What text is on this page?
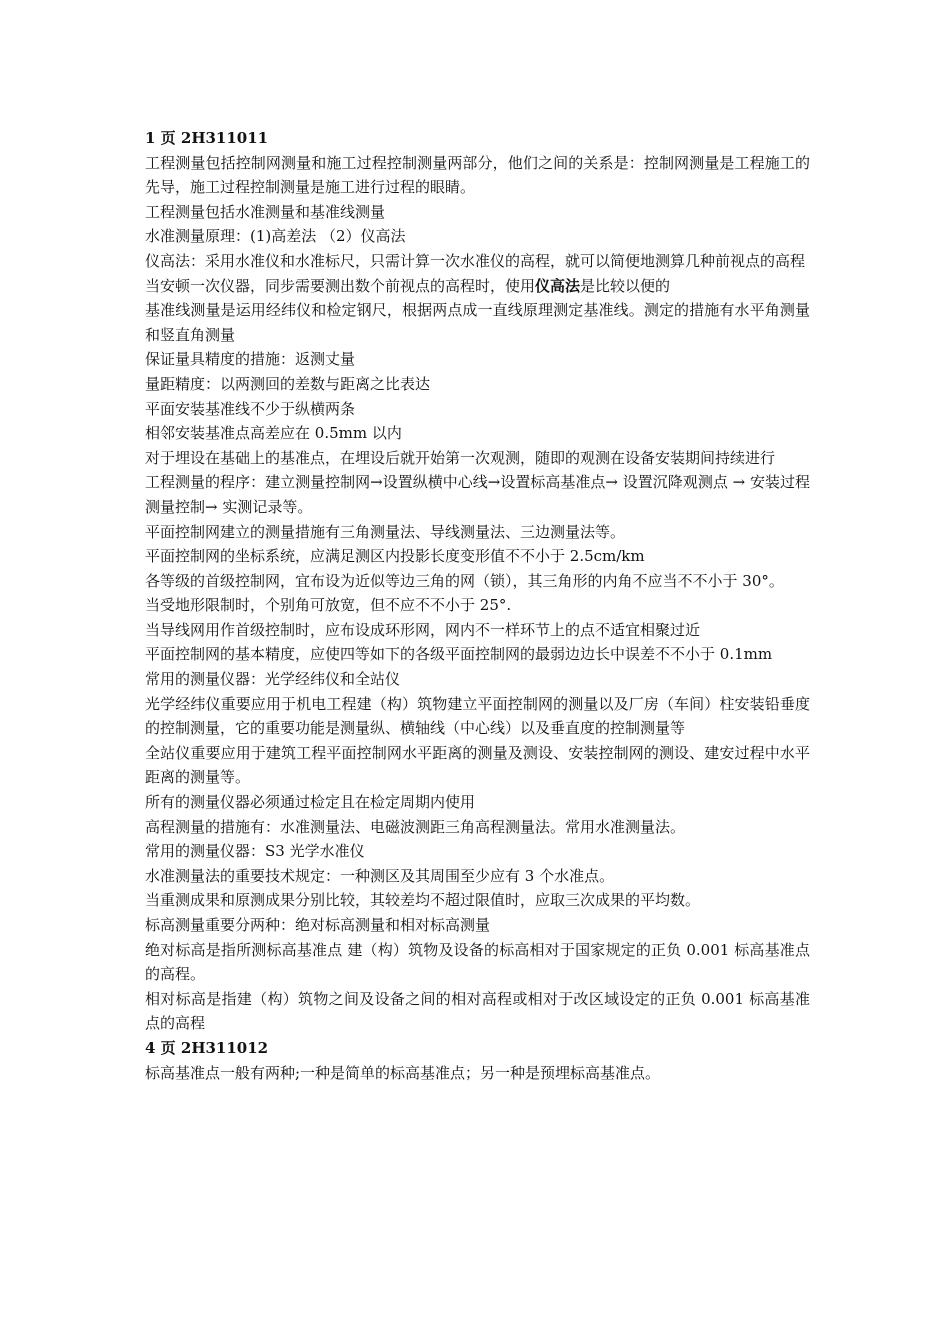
1 页 2H311011

工程测量包括控制网测量和施工过程控制测量两部分，他们之间的关系是：控制网测量是工程施工的先导，施工过程控制测量是施工进行过程的眼睛。

工程测量包括水准测量和基准线测量

水准测量原理：(1)高差法 （2）仪高法

仪高法：采用水准仪和水准标尺，只需计算一次水准仪的高程，就可以简便地测算几种前视点的高程

当安顿一次仪器，同步需要测出数个前视点的高程时，使用仪高法是比较以便的

基准线测量是运用经纬仪和检定钢尺，根据两点成一直线原理测定基准线。测定的措施有水平角测量和竖直角测量

保证量具精度的措施：返测丈量

量距精度：以两测回的差数与距离之比表达

平面安装基准线不少于纵横两条

相邻安装基准点高差应在 0.5mm 以内

对于埋设在基础上的基准点，在埋设后就开始第一次观测，随即的观测在设备安装期间持续进行

工程测量的程序：建立测量控制网→设置纵横中心线→设置标高基准点→ 设置沉降观测点 → 安装过程测量控制→ 实测记录等。

平面控制网建立的测量措施有三角测量法、导线测量法、三边测量法等。

平面控制网的坐标系统，应满足测区内投影长度变形值不不小于 2.5cm/km

各等级的首级控制网，宜布设为近似等边三角的网（锁），其三角形的内角不应当不不小于 30°。

当受地形限制时，个别角可放宽，但不应不不小于 25°.

当导线网用作首级控制时，应布设成环形网，网内不一样环节上的点不适宜相聚过近

平面控制网的基本精度，应使四等如下的各级平面控制网的最弱边边长中误差不不小于 0.1mm

常用的测量仪器：光学经纬仪和全站仪

光学经纬仪重要应用于机电工程建（构）筑物建立平面控制网的测量以及厂房（车间）柱安装铅垂度的控制测量，它的重要功能是测量纵、横轴线（中心线）以及垂直度的控制测量等

全站仪重要应用于建筑工程平面控制网水平距离的测量及测设、安装控制网的测设、建安过程中水平距离的测量等。

所有的测量仪器必须通过检定且在检定周期内使用

高程测量的措施有：水准测量法、电磁波测距三角高程测量法。常用水准测量法。

常用的测量仪器：S3 光学水准仪

水准测量法的重要技术规定：一种测区及其周围至少应有 3 个水准点。

当重测成果和原测成果分别比较，其较差均不超过限值时，应取三次成果的平均数。

标高测量重要分两种：绝对标高测量和相对标高测量

绝对标高是指所测标高基准点 建（构）筑物及设备的标高相对于国家规定的正负 0.001 标高基准点的高程。

相对标高是指建（构）筑物之间及设备之间的相对高程或相对于改区域设定的正负 0.001 标高基准点的高程

4 页 2H311012

标高基准点一般有两种;一种是简单的标高基准点；另一种是预埋标高基准点。
